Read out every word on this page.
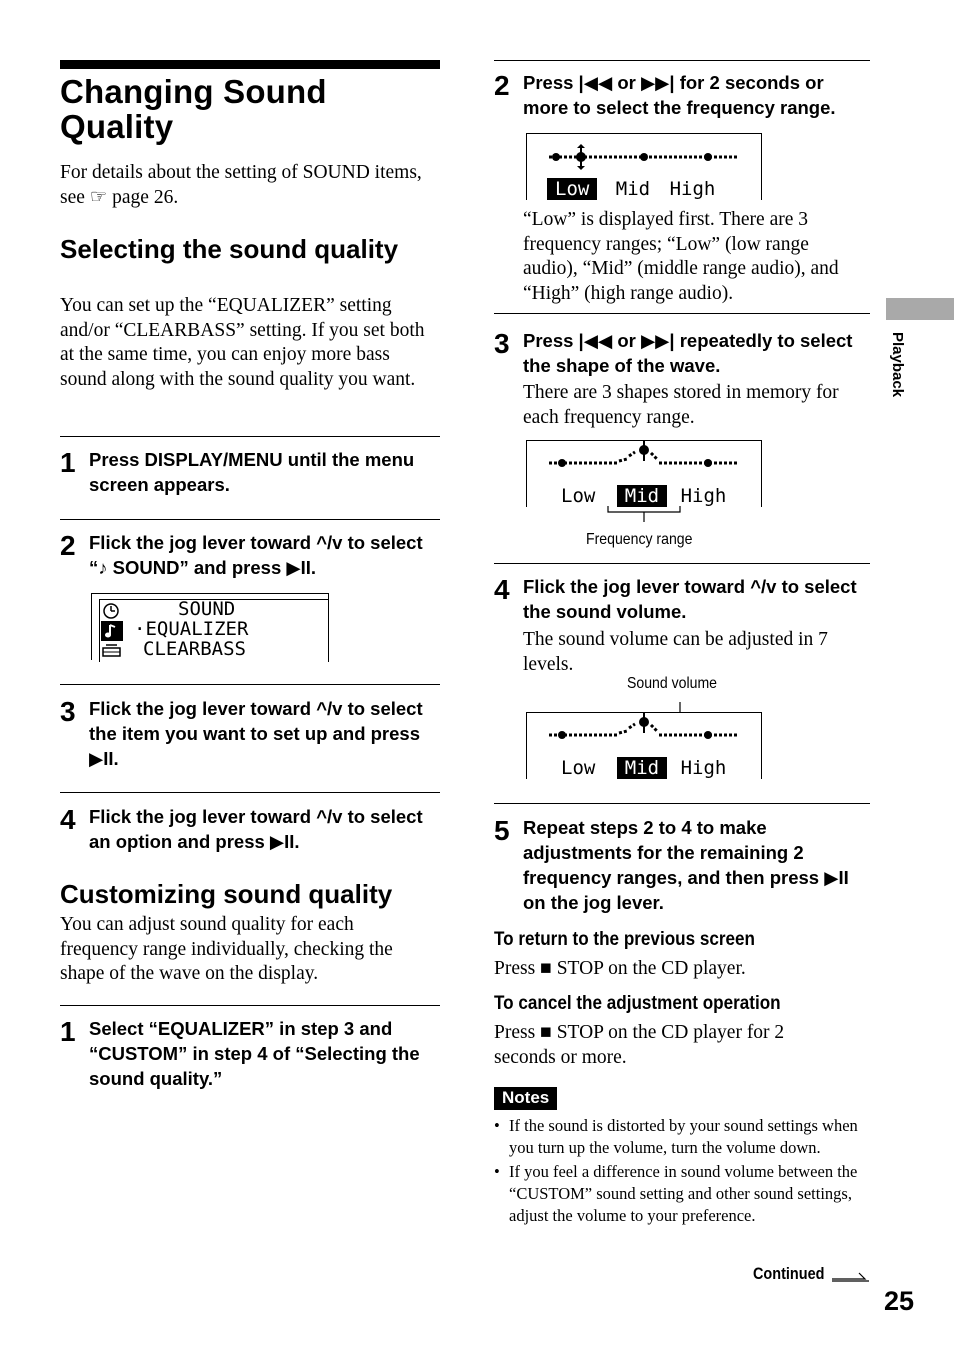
Changing Sound Quality
For details about the setting of SOUND items, see ☞ page 26.
Selecting the sound quality
You can set up the “EQUALIZER” setting and/or “CLEARBASS” setting. If you set both at the same time, you can enjoy more bass sound along with the sound quality you want.
1 Press DISPLAY/MENU until the menu screen appears.
2 Flick the jog lever toward ^/v to select “♪ SOUND” and press ▶II.
SOUND
·EQUALIZER
CLEARBASS
3 Flick the jog lever toward ^/v to select the item you want to set up and press ▶II.
4 Flick the jog lever toward ^/v to select an option and press ▶II.
Customizing sound quality
You can adjust sound quality for each frequency range individually, checking the shape of the wave on the display.
1 Select “EQUALIZER” in step 3 and “CUSTOM” in step 4 of “Selecting the sound quality.”
2 Press |◀◀ or ▶▶| for 2 seconds or more to select the frequency range.
Low Mid High
“Low” is displayed first. There are 3 frequency ranges; “Low” (low range audio), “Mid” (middle range audio), and “High” (high range audio).
3 Press |◀◀ or ▶▶| repeatedly to select the shape of the wave.
There are 3 shapes stored in memory for each frequency range.
Low Mid High
Frequency range
4 Flick the jog lever toward ^/v to select the sound volume.
The sound volume can be adjusted in 7 levels.
Sound volume
Low Mid High
5 Repeat steps 2 to 4 to make adjustments for the remaining 2 frequency ranges, and then press ▶II on the jog lever.
To return to the previous screen
Press ■ STOP on the CD player.
To cancel the adjustment operation
Press ■ STOP on the CD player for 2 seconds or more.
Notes
• If the sound is distorted by your sound settings when you turn up the volume, turn the volume down.
• If you feel a difference in sound volume between the “CUSTOM” sound setting and other sound settings, adjust the volume to your preference.
Continued
Playback
25
